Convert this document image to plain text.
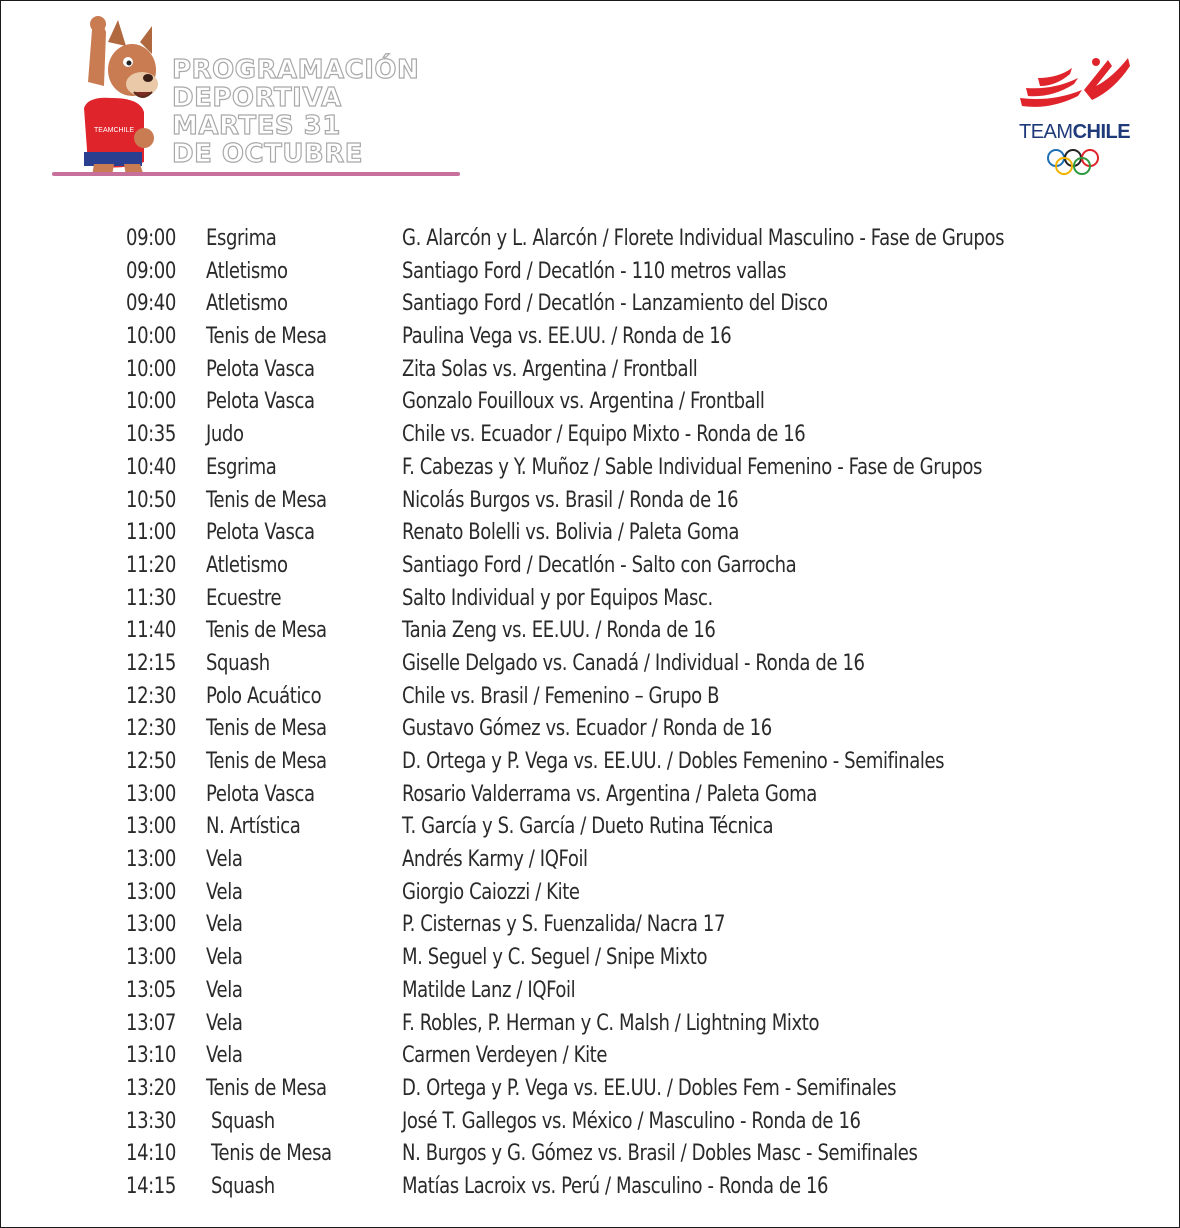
TEAMCHILE
PROGRAMACIÓN
DEPORTIVA
MARTES 31
DE OCTUBRE
TEAMCHILE
09:00 Esgrima	G. Alarcón y L. Alarcón / Florete Individual Masculino - Fase de Grupos
09:00 Atletismo	Santiago Ford / Decatlón - 110 metros vallas
09:40 Atletismo	Santiago Ford / Decatlón - Lanzamiento del Disco
10:00 Tenis de Mesa	Paulina Vega vs. EE.UU. / Ronda de 16
10:00 Pelota Vasca	Zita Solas vs. Argentina / Frontball
10:00 Pelota Vasca	Gonzalo Fouilloux vs. Argentina / Frontball
10:35 Judo	Chile vs. Ecuador / Equipo Mixto - Ronda de 16
10:40 Esgrima	F. Cabezas y Y. Muñoz / Sable Individual Femenino - Fase de Grupos
10:50 Tenis de Mesa	Nicolás Burgos vs. Brasil / Ronda de 16
11:00 Pelota Vasca	Renato Bolelli vs. Bolivia / Paleta Goma
11:20 Atletismo	Santiago Ford / Decatlón - Salto con Garrocha
11:30 Ecuestre	Salto Individual y por Equipos Masc.
11:40 Tenis de Mesa	Tania Zeng vs. EE.UU. / Ronda de 16
12:15 Squash	Giselle Delgado vs. Canadá / Individual - Ronda de 16
12:30 Polo Acuático	Chile vs. Brasil / Femenino – Grupo B
12:30 Tenis de Mesa	Gustavo Gómez vs. Ecuador / Ronda de 16
12:50 Tenis de Mesa	D. Ortega y P. Vega vs. EE.UU. / Dobles Femenino - Semifinales
13:00 Pelota Vasca	Rosario Valderrama vs. Argentina / Paleta Goma
13:00 N. Artística	T. García y S. García / Dueto Rutina Técnica
13:00 Vela	Andrés Karmy / IQFoil
13:00 Vela	Giorgio Caiozzi / Kite
13:00 Vela	P. Cisternas y S. Fuenzalida/ Nacra 17
13:00 Vela	M. Seguel y C. Seguel / Snipe Mixto
13:05 Vela	Matilde Lanz / IQFoil
13:07 Vela	F. Robles, P. Herman y C. Malsh / Lightning Mixto
13:10 Vela	Carmen Verdeyen / Kite
13:20 Tenis de Mesa	D. Ortega y P. Vega vs. EE.UU. / Dobles Fem - Semifinales
13:30 Squash	José T. Gallegos vs. México / Masculino - Ronda de 16
14:10 Tenis de Mesa	N. Burgos y G. Gómez vs. Brasil / Dobles Masc - Semifinales
14:15 Squash	Matías Lacroix vs. Perú / Masculino - Ronda de 16
